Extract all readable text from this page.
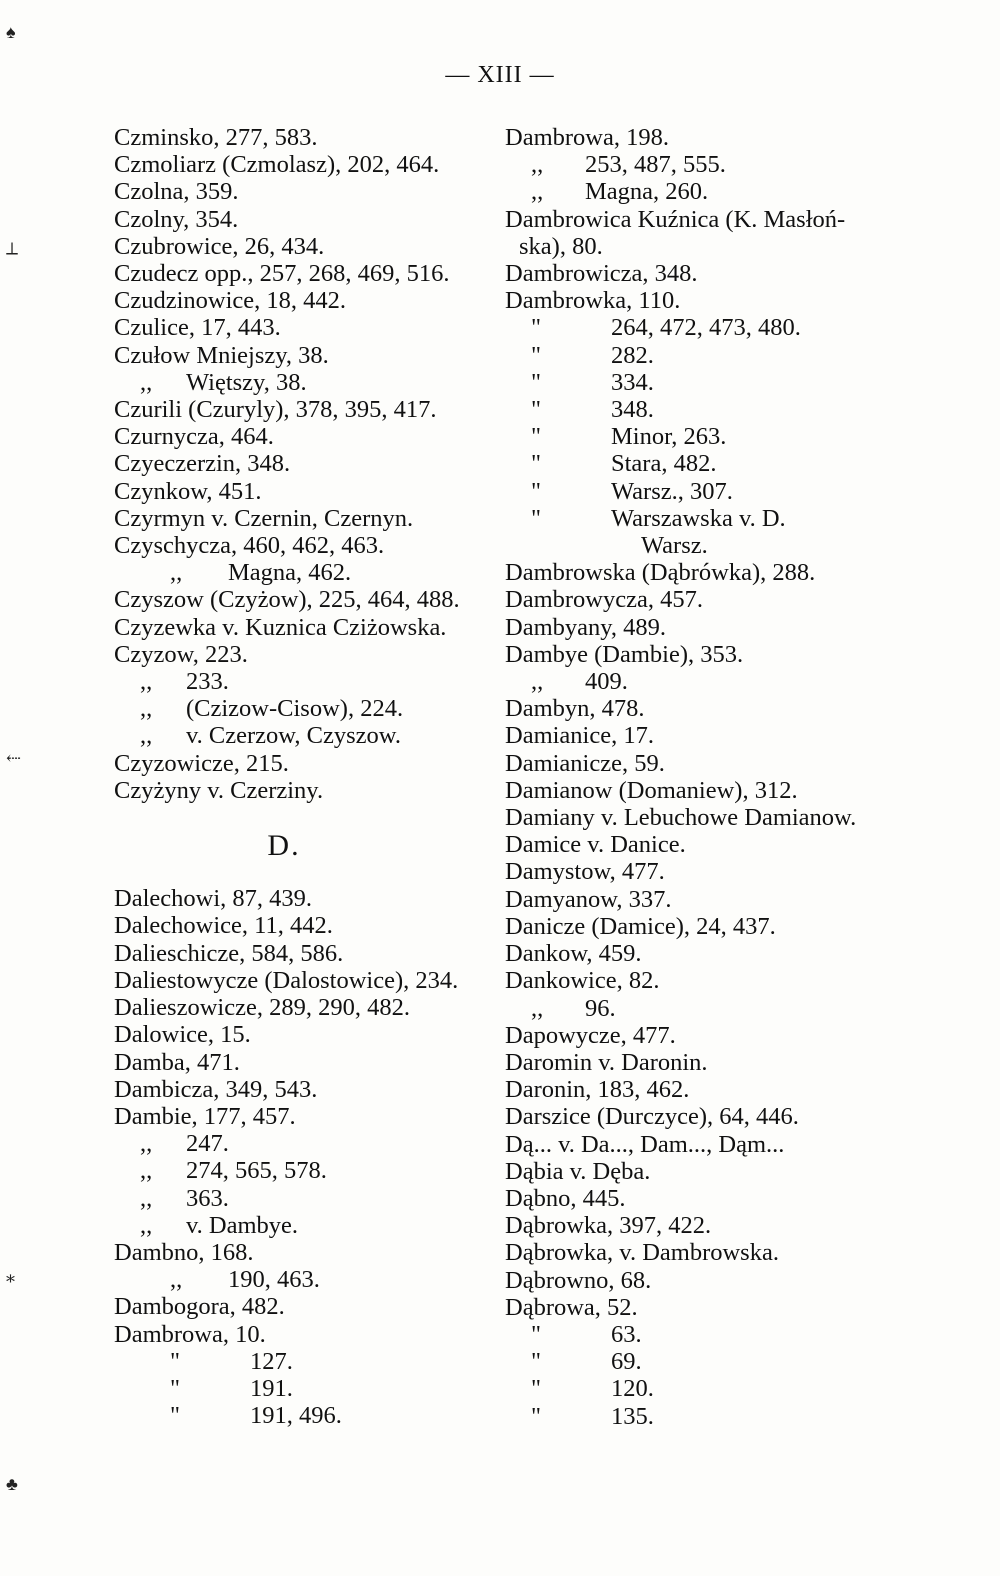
— XIII —
♠
⟂
⇠
⁎
♣
Czminsko, 277, 583.
Czmoliarz (Czmolasz), 202, 464.
Czolna, 359.
Czolny, 354.
Czubrowice, 26, 434.
Czudecz opp., 257, 268, 469, 516.
Czudzinowice, 18, 442.
Czulice, 17, 443.
Czułow Mniejszy, 38.
,, Więtszy, 38.
Czurili (Czuryly), 378, 395, 417.
Czurnycza, 464.
Czyeczerzin, 348.
Czynkow, 451.
Czyrmyn v. Czernin, Czernyn.
Czyschycza, 460, 462, 463.
,, Magna, 462.
Czyszow (Czyżow), 225, 464, 488.
Czyzewka v. Kuznica Cziżowska.
Czyzow, 223.
,, 233.
,, (Czizow-Cisow), 224.
,, v. Czerzow, Czyszow.
Czyzowicze, 215.
Czyżyny v. Czerziny.
D.
Dalechowi, 87, 439.
Dalechowice, 11, 442.
Dalieschicze, 584, 586.
Daliestowycze (Dalostowice), 234.
Dalieszowicze, 289, 290, 482.
Dalowice, 15.
Damba, 471.
Dambicza, 349, 543.
Dambie, 177, 457.
,, 247.
,, 274, 565, 578.
,, 363.
,, v. Dambye.
Dambno, 168.
,, 190, 463.
Dambogora, 482.
Dambrowa, 10.
"	127.
"	191.
"	191, 496.
Dambrowa, 198.
,, 253, 487, 555.
,, Magna, 260.
Dambrowica Kuźnica (K. Masłoń-
ska), 80.
Dambrowicza, 348.
Dambrowka, 110.
"	264, 472, 473, 480.
"	282.
"	334.
"	348.
"	Minor, 263.
"	Stara, 482.
"	Warsz., 307.
"	Warszawska v. D.
Warsz.
Dambrowska (Dąbrówka), 288.
Dambrowycza, 457.
Dambyany, 489.
Dambye (Dambie), 353.
,, 409.
Dambyn, 478.
Damianice, 17.
Damianicze, 59.
Damianow (Domaniew), 312.
Damiany v. Lebuchowe Damianow.
Damice v. Danice.
Damystow, 477.
Damyanow, 337.
Danicze (Damice), 24, 437.
Dankow, 459.
Dankowice, 82.
,, 96.
Dapowycze, 477.
Daromin v. Daronin.
Daronin, 183, 462.
Darszice (Durczyce), 64, 446.
Dą... v. Da..., Dam..., Dąm...
Dąbia v. Dęba.
Dąbno, 445.
Dąbrowka, 397, 422.
Dąbrowka, v. Dambrowska.
Dąbrowno, 68.
Dąbrowa, 52.
"	63.
"	69.
"	120.
"	135.
